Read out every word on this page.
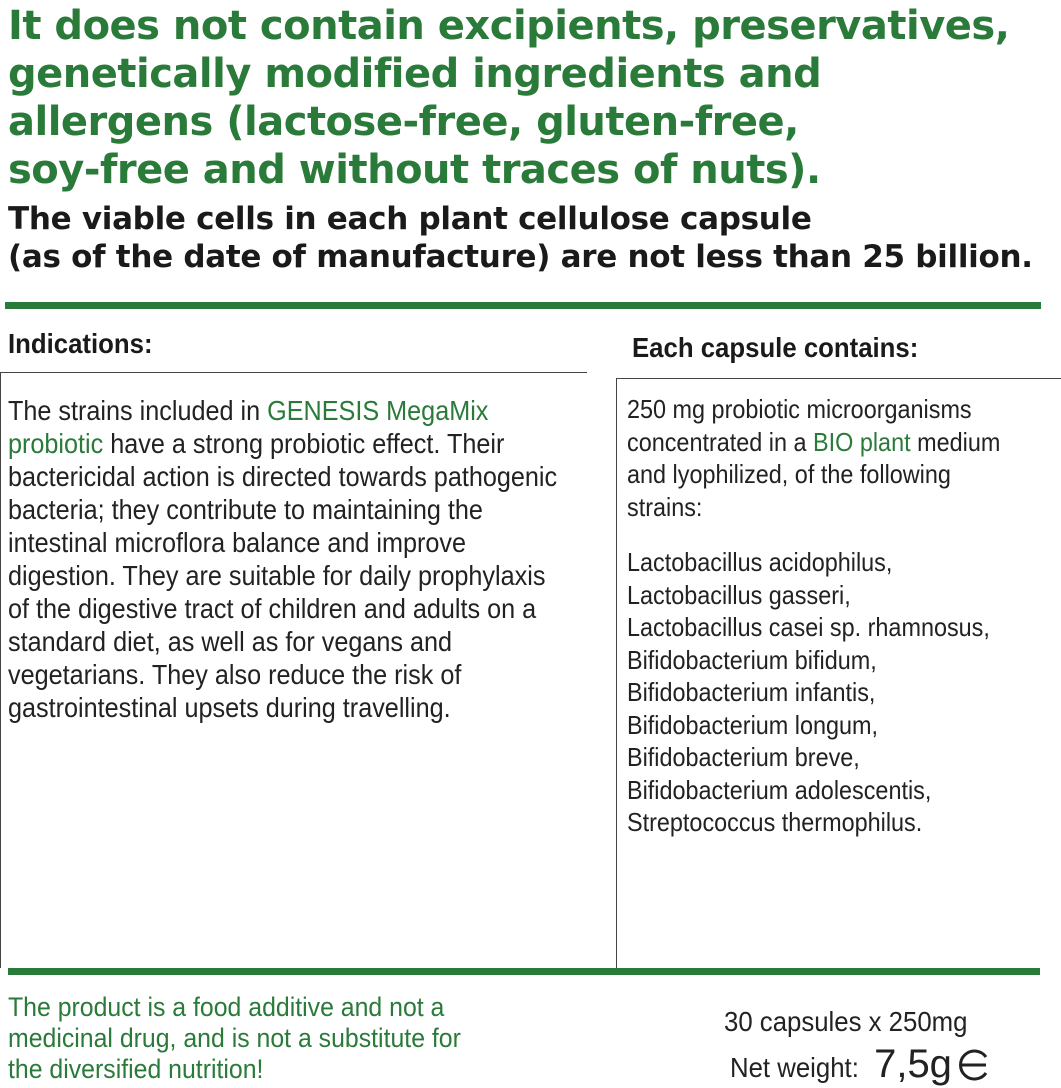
It does not contain excipients, preservatives,
genetically modified ingredients and
allergens (lactose-free, gluten-free,
soy-free and without traces of nuts).
The viable cells in each plant cellulose capsule
(as of the date of manufacture) are not less than 25 billion.
Indications:	Each capsule contains:
The strains included in GENESIS MegaMix probiotic have a strong probiotic effect. Their bactericidal action is directed towards pathogenic bacteria; they contribute to maintaining the intestinal microflora balance and improve digestion. They are suitable for daily prophylaxis of the digestive tract of children and adults on a standard diet, as well as for vegans and vegetarians. They also reduce the risk of gastrointestinal upsets during travelling.
250 mg probiotic microorganisms
concentrated in a BIO plant medium
and lyophilized, of the following
strains:
Lactobacillus acidophilus,
Lactobacillus gasseri,
Lactobacillus casei sp. rhamnosus,
Bifidobacterium bifidum,
Bifidobacterium infantis,
Bifidobacterium longum,
Bifidobacterium breve,
Bifidobacterium adolescentis,
Streptococcus thermophilus.
The product is a food additive and not a
medicinal drug, and is not a substitute for
the diversified nutrition!
30 capsules x 250mg
Net weight: 7,5g
